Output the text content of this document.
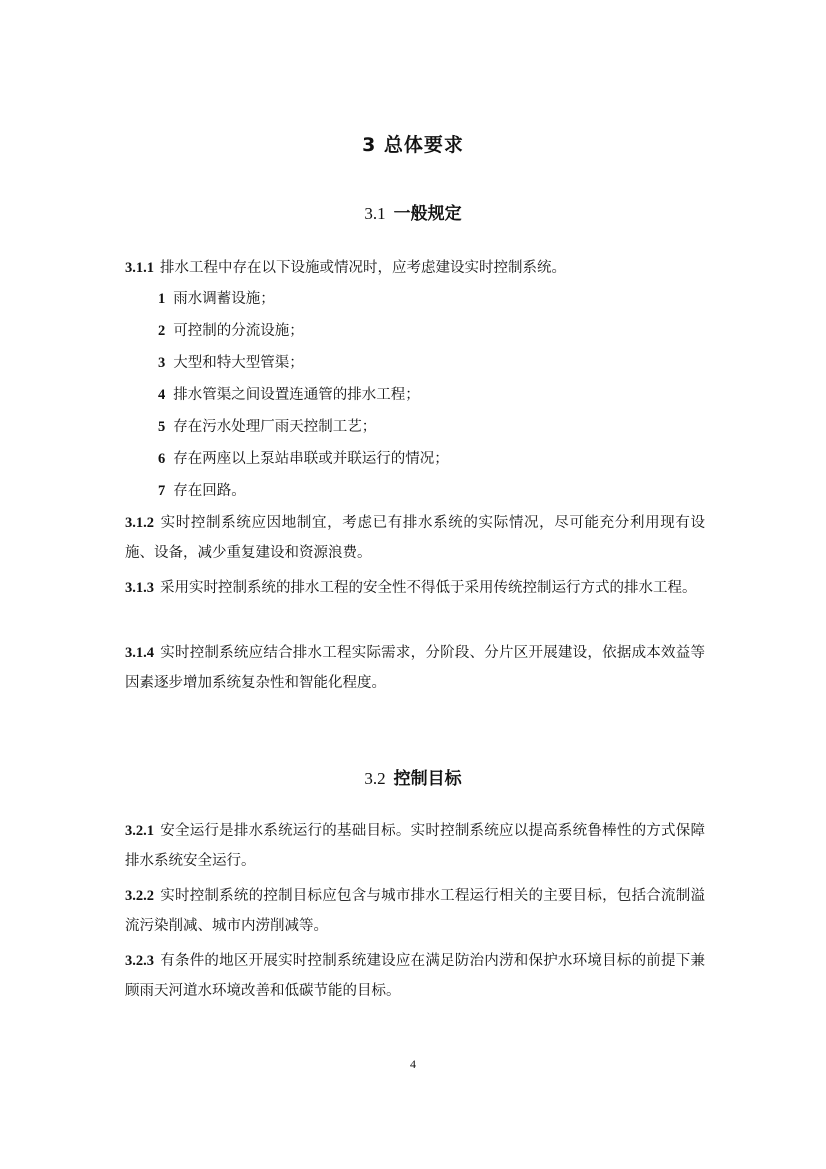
3 总体要求
3.1 一般规定
3.1.1 排水工程中存在以下设施或情况时，应考虑建设实时控制系统。
1 雨水调蓄设施；
2 可控制的分流设施；
3 大型和特大型管渠；
4 排水管渠之间设置连通管的排水工程；
5 存在污水处理厂雨天控制工艺；
6 存在两座以上泵站串联或并联运行的情况；
7 存在回路。
3.1.2 实时控制系统应因地制宜，考虑已有排水系统的实际情况，尽可能充分利用现有设施、设备，减少重复建设和资源浪费。
3.1.3 采用实时控制系统的排水工程的安全性不得低于采用传统控制运行方式的排水工程。
3.1.4 实时控制系统应结合排水工程实际需求，分阶段、分片区开展建设，依据成本效益等因素逐步增加系统复杂性和智能化程度。
3.2 控制目标
3.2.1 安全运行是排水系统运行的基础目标。实时控制系统应以提高系统鲁棒性的方式保障排水系统安全运行。
3.2.2 实时控制系统的控制目标应包含与城市排水工程运行相关的主要目标，包括合流制溢流污染削减、城市内涝削减等。
3.2.3 有条件的地区开展实时控制系统建设应在满足防治内涝和保护水环境目标的前提下兼顾雨天河道水环境改善和低碳节能的目标。
4
